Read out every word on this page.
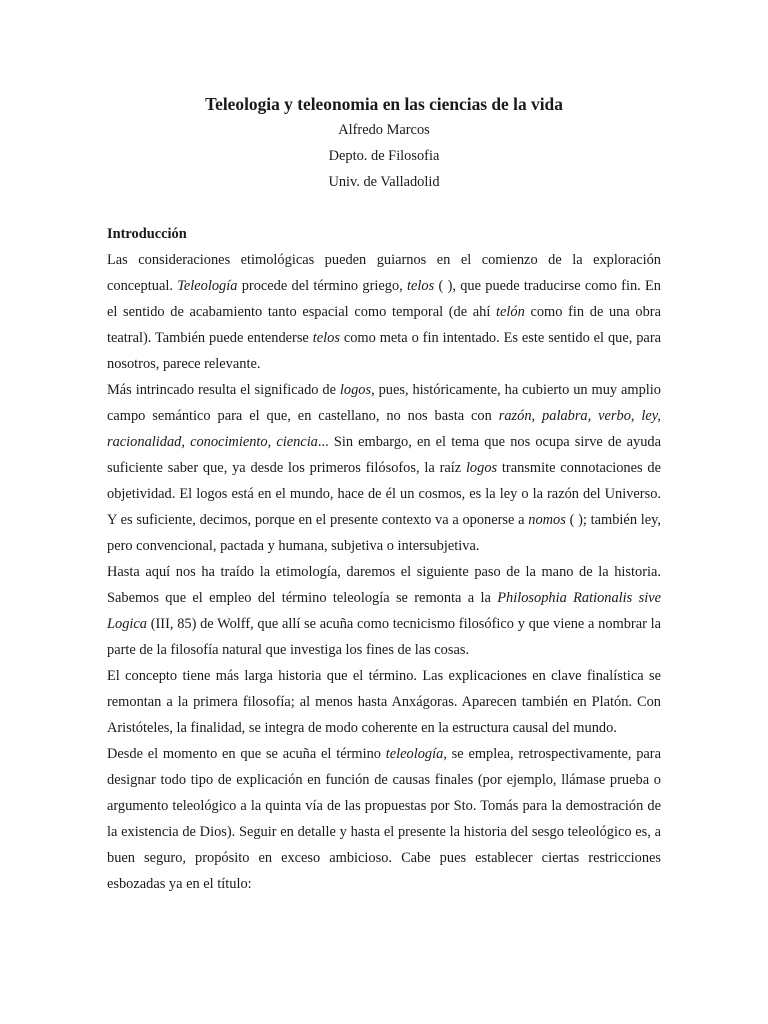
Teleologia y teleonomia en las ciencias de la vida

Alfredo Marcos

Depto. de Filosofia

Univ. de Valladolid

Introducción

Las consideraciones etimológicas pueden guiarnos en el comienzo de la exploración conceptual. Teleología procede del término griego, telos ( ), que puede traducirse como fin. En el sentido de acabamiento tanto espacial como temporal (de ahí telón como fin de una obra teatral). También puede entenderse telos como meta o fin intentado. Es este sentido el que, para nosotros, parece relevante.

Más intrincado resulta el significado de logos, pues, históricamente, ha cubierto un muy amplio campo semántico para el que, en castellano, no nos basta con razón, palabra, verbo, ley, racionalidad, conocimiento, ciencia... Sin embargo, en el tema que nos ocupa sirve de ayuda suficiente saber que, ya desde los primeros filósofos, la raíz logos transmite connotaciones de objetividad. El logos está en el mundo, hace de él un cosmos, es la ley o la razón del Universo. Y es suficiente, decimos, porque en el presente contexto va a oponerse a nomos ( ); también ley, pero convencional, pactada y humana, subjetiva o intersubjetiva.

Hasta aquí nos ha traído la etimología, daremos el siguiente paso de la mano de la historia. Sabemos que el empleo del término teleología se remonta a la Philosophia Rationalis sive Logica (III, 85) de Wolff, que allí se acuña como tecnicismo filosófico y que viene a nombrar la parte de la filosofía natural que investiga los fines de las cosas.

El concepto tiene más larga historia que el término. Las explicaciones en clave finalística se remontan a la primera filosofía; al menos hasta Anxágoras. Aparecen también en Platón. Con Aristóteles, la finalidad, se integra de modo coherente en la estructura causal del mundo.

Desde el momento en que se acuña el término teleología, se emplea, retrospectivamente, para designar todo tipo de explicación en función de causas finales (por ejemplo, llámase prueba o argumento teleológico a la quinta vía de las propuestas por Sto. Tomás para la demostración de la existencia de Dios). Seguir en detalle y hasta el presente la historia del sesgo teleológico es, a buen seguro, propósito en exceso ambicioso. Cabe pues establecer ciertas restricciones esbozadas ya en el título:
